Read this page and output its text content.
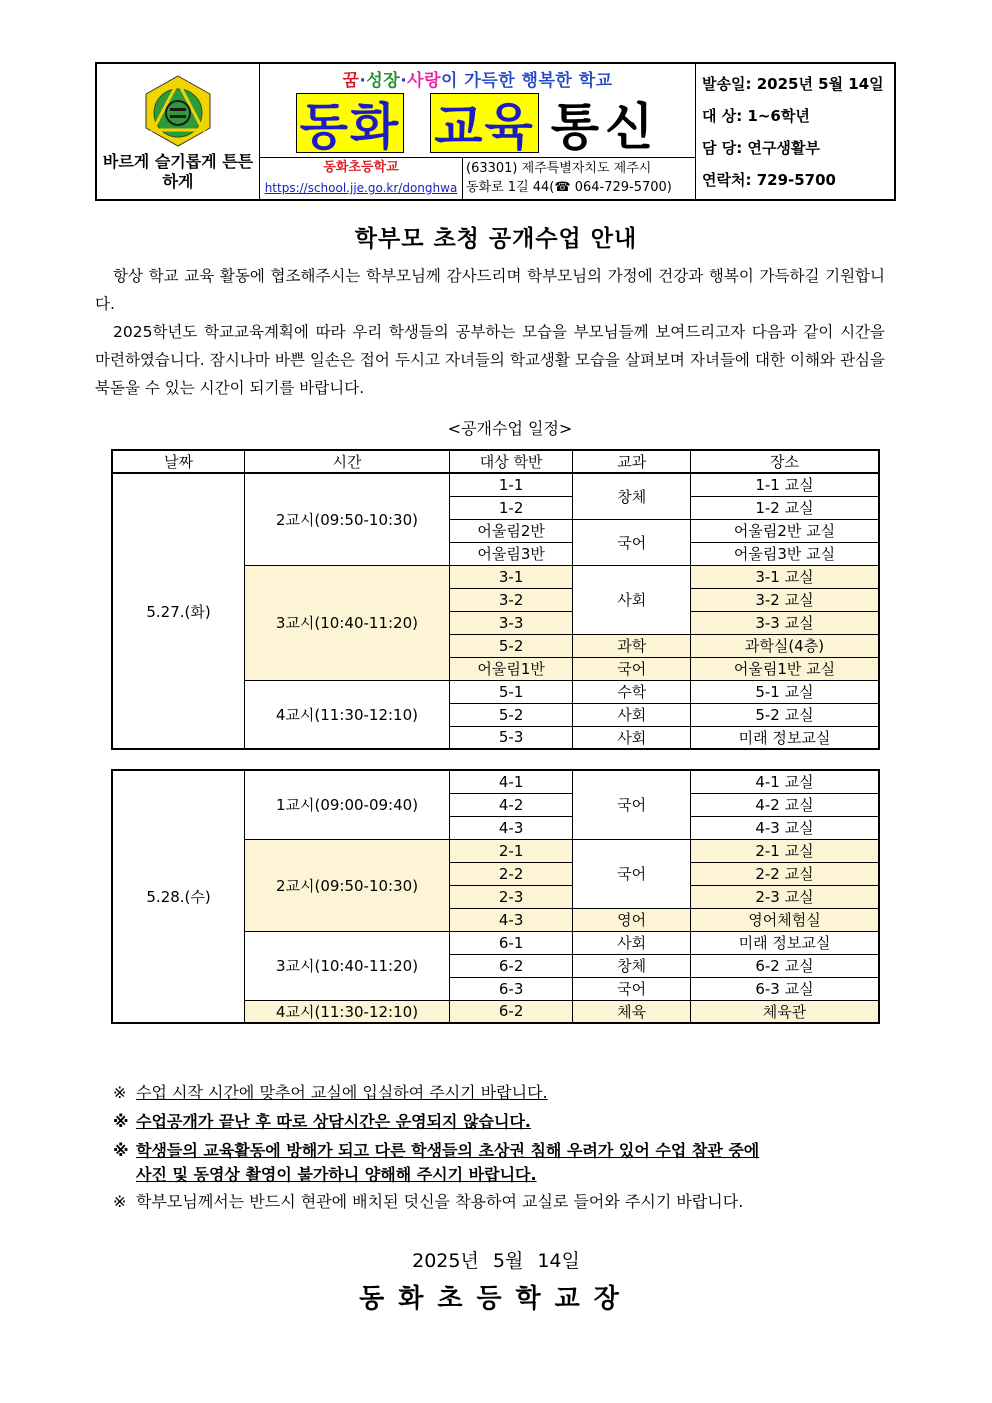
바르게 슬기롭게 튼튼하게
꿈·성장·사랑이 가득한 행복한 학교
동화 교육 통신
동화초등학교
https://school.jje.go.kr/donghwa
(63301) 제주특별자치도 제주시
동화로 1길 44(☎ 064-729-5700)
발송일: 2025년 5월 14일
대 상: 1~6학년
담 당: 연구생활부
연락처: 729-5700
학부모 초청 공개수업 안내

항상 학교 교육 활동에 협조해주시는 학부모님께 감사드리며 학부모님의 가정에 건강과 행복이 가득하길 기원합니다.

2025학년도 학교교육계획에 따라 우리 학생들의 공부하는 모습을 부모님들께 보여드리고자 다음과 같이 시간을 마련하였습니다. 잠시나마 바쁜 일손은 접어 두시고 자녀들의 학교생활 모습을 살펴보며 자녀들에 대한 이해와 관심을 북돋울 수 있는 시간이 되기를 바랍니다.

<공개수업 일정>
날짜	시간	대상 학반	교과	장소
5.27.(화)	2교시(09:50-10:30)	1-1	창체	1-1 교실
		1-2		1-2 교실
		어울림2반	국어	어울림2반 교실
		어울림3반		어울림3반 교실
	3교시(10:40-11:20)	3-1	사회	3-1 교실
		3-2		3-2 교실
		3-3		3-3 교실
		5-2	과학	과학실(4층)
		어울림1반	국어	어울림1반 교실
	4교시(11:30-12:10)	5-1	수학	5-1 교실
		5-2	사회	5-2 교실
		5-3	사회	미래 정보교실
5.28.(수)	1교시(09:00-09:40)	4-1	국어	4-1 교실
		4-2		4-2 교실
		4-3		4-3 교실
	2교시(09:50-10:30)	2-1	국어	2-1 교실
		2-2		2-2 교실
		2-3		2-3 교실
		4-3	영어	영어체험실
	3교시(10:40-11:20)	6-1	사회	미래 정보교실
		6-2	창체	6-2 교실
		6-3	국어	6-3 교실
	4교시(11:30-12:10)	6-2	체육	체육관
※ 수업 시작 시간에 맞추어 교실에 입실하여 주시기 바랍니다.
※ 수업공개가 끝난 후 따로 상담시간은 운영되지 않습니다.
※ 학생들의 교육활동에 방해가 되고 다른 학생들의 초상권 침해 우려가 있어 수업 참관 중에
사진 및 동영상 촬영이 불가하니 양해해 주시기 바랍니다.
※ 학부모님께서는 반드시 현관에 배치된 덧신을 착용하여 교실로 들어와 주시기 바랍니다.
2025년 5월 14일
동화초등학교장
